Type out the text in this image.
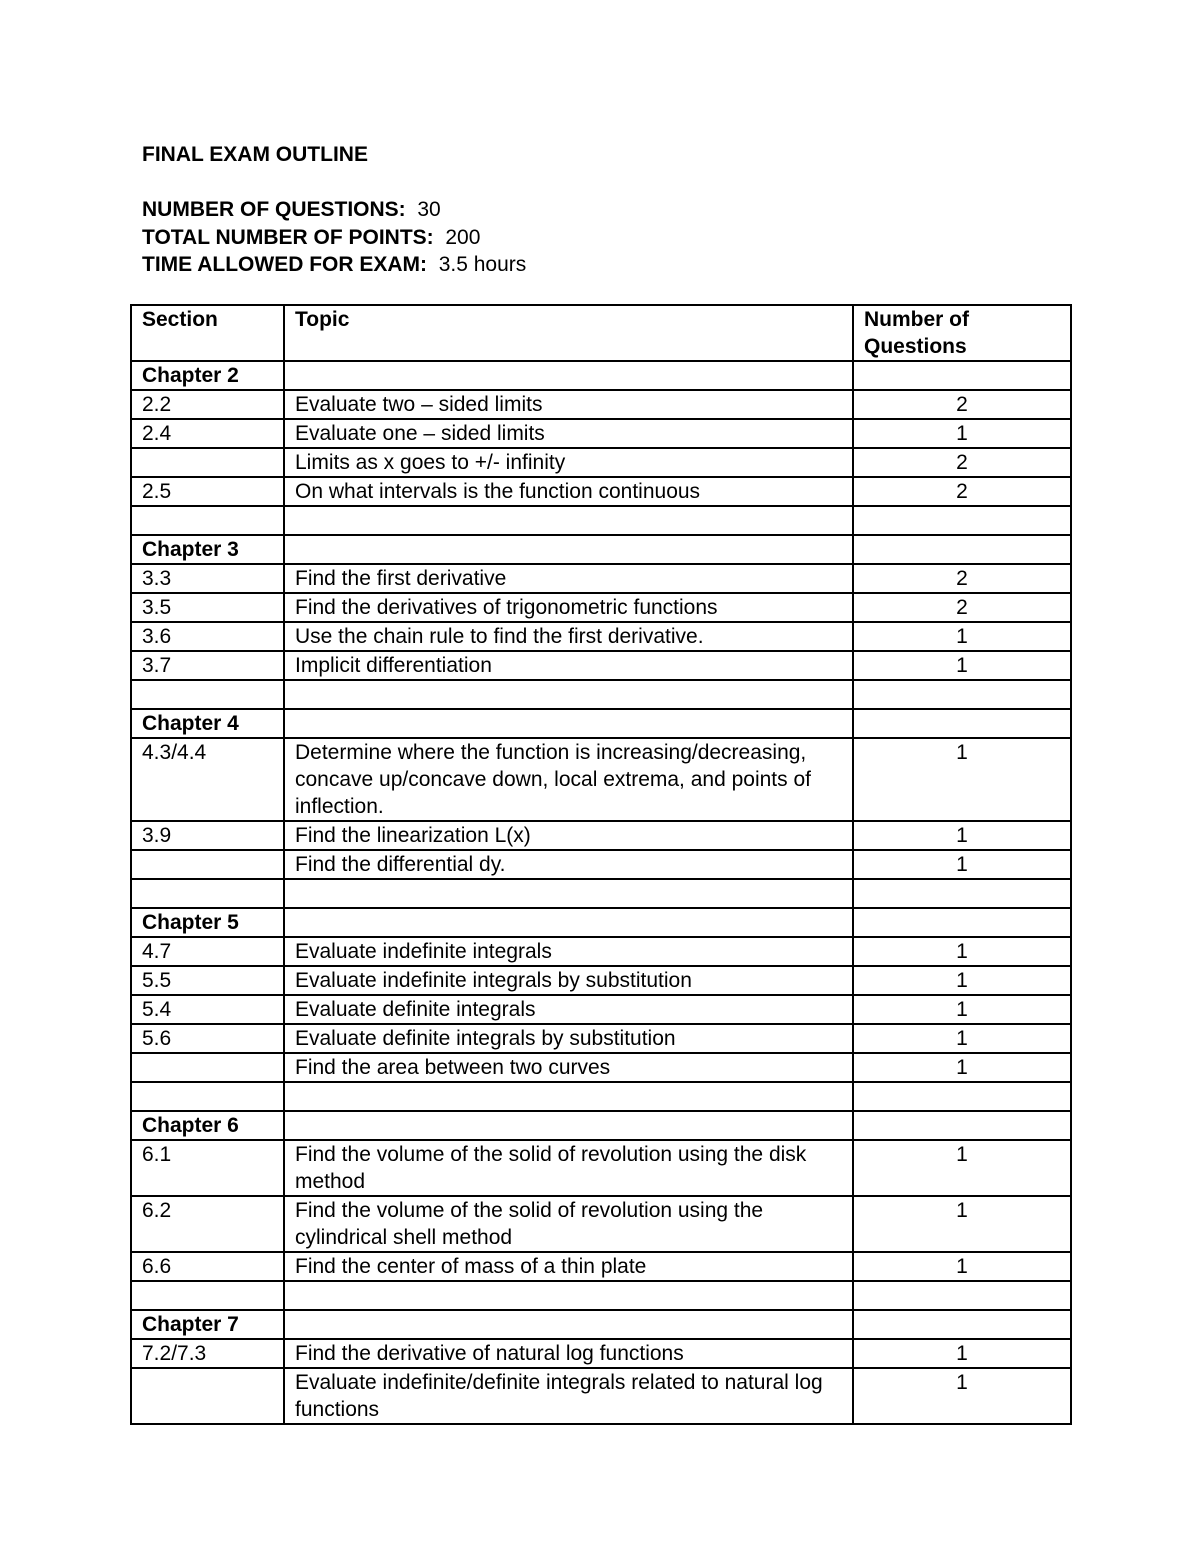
FINAL EXAM OUTLINE
NUMBER OF QUESTIONS: 30
TOTAL NUMBER OF POINTS: 200
TIME ALLOWED FOR EXAM: 3.5 hours
Section	Topic	Number of Questions
Chapter 2		
2.2	Evaluate two – sided limits	2
2.4	Evaluate one – sided limits	1
	Limits as x goes to +/- infinity	2
2.5	On what intervals is the function continuous	2

Chapter 3		
3.3	Find the first derivative	2
3.5	Find the derivatives of trigonometric functions	2
3.6	Use the chain rule to find the first derivative.	1
3.7	Implicit differentiation	1

Chapter 4		
4.3/4.4	Determine where the function is increasing/decreasing, concave up/concave down, local extrema, and points of inflection.	1
3.9	Find the linearization L(x)	1
	Find the differential dy.	1

Chapter 5		
4.7	Evaluate indefinite integrals	1
5.5	Evaluate indefinite integrals by substitution	1
5.4	Evaluate definite integrals	1
5.6	Evaluate definite integrals by substitution	1
	Find the area between two curves	1

Chapter 6		
6.1	Find the volume of the solid of revolution using the disk method	1
6.2	Find the volume of the solid of revolution using the cylindrical shell method	1
6.6	Find the center of mass of a thin plate	1

Chapter 7		
7.2/7.3	Find the derivative of natural log functions	1
	Evaluate indefinite/definite integrals related to natural log functions	1
